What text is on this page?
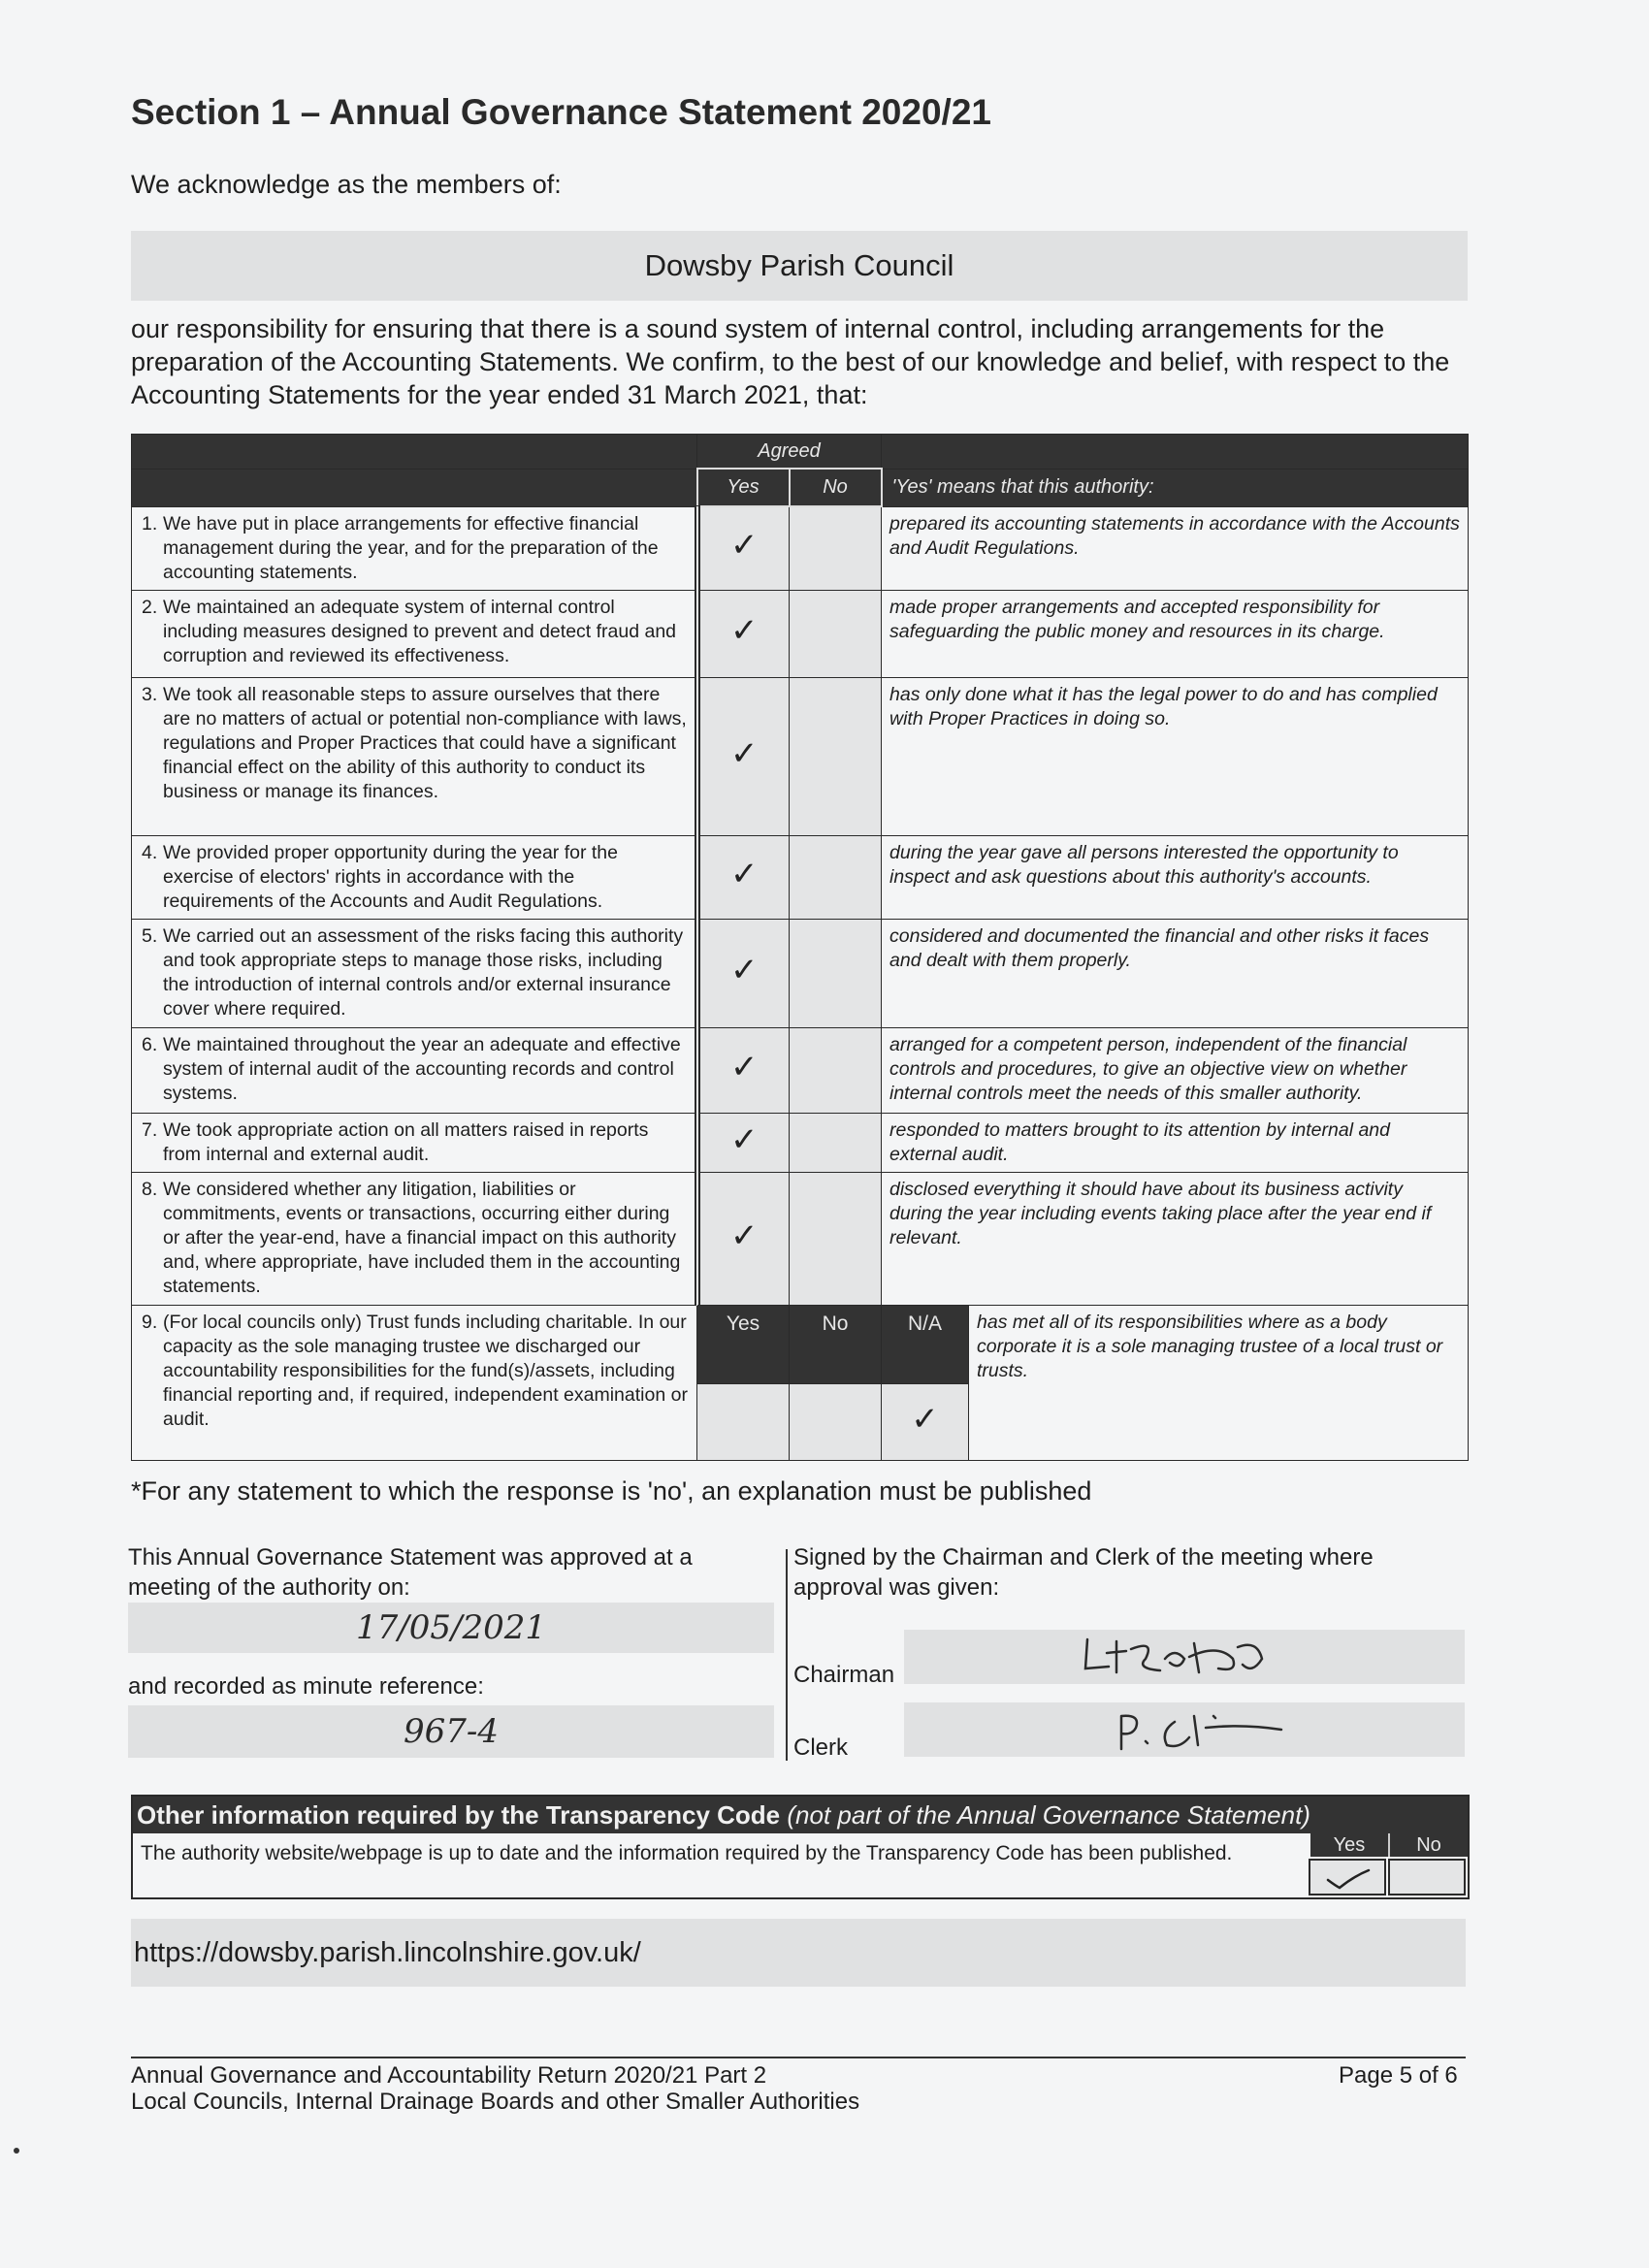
Section 1 – Annual Governance Statement 2020/21
We acknowledge as the members of:
Dowsby Parish Council
our responsibility for ensuring that there is a sound system of internal control, including arrangements for the preparation of the Accounting Statements. We confirm, to the best of our knowledge and belief, with respect to the Accounting Statements for the year ended 31 March 2021, that:
	Agreed			
	Yes	No	'Yes' means that this authority:	
1. We have put in place arrangements for effective financial management during the year, and for the preparation of the accounting statements.	✓		prepared its accounting statements in accordance with the Accounts and Audit Regulations.	
2. We maintained an adequate system of internal control including measures designed to prevent and detect fraud and corruption and reviewed its effectiveness.	✓		made proper arrangements and accepted responsibility for safeguarding the public money and resources in its charge.	
3. We took all reasonable steps to assure ourselves that there are no matters of actual or potential non-compliance with laws, regulations and Proper Practices that could have a significant financial effect on the ability of this authority to conduct its business or manage its finances.	✓		has only done what it has the legal power to do and has complied with Proper Practices in doing so.	
4. We provided proper opportunity during the year for the exercise of electors' rights in accordance with the requirements of the Accounts and Audit Regulations.	✓		during the year gave all persons interested the opportunity to inspect and ask questions about this authority's accounts.	
5. We carried out an assessment of the risks facing this authority and took appropriate steps to manage those risks, including the introduction of internal controls and/or external insurance cover where required.	✓		considered and documented the financial and other risks it faces and dealt with them properly.	
6. We maintained throughout the year an adequate and effective system of internal audit of the accounting records and control systems.	✓		arranged for a competent person, independent of the financial controls and procedures, to give an objective view on whether internal controls meet the needs of this smaller authority.	
7. We took appropriate action on all matters raised in reports from internal and external audit.	✓		responded to matters brought to its attention by internal and external audit.	
8. We considered whether any litigation, liabilities or commitments, events or transactions, occurring either during or after the year-end, have a financial impact on this authority and, where appropriate, have included them in the accounting statements.	✓		disclosed everything it should have about its business activity during the year including events taking place after the year end if relevant.	
9. (For local councils only) Trust funds including charitable. In our capacity as the sole managing trustee we discharged our accountability responsibilities for the fund(s)/assets, including financial reporting and, if required, independent examination or audit.	Yes	No	N/A	has met all of its responsibilities where as a body corporate it is a sole managing trustee of a local trust or trusts.
			✓	
*For any statement to which the response is 'no', an explanation must be published
This Annual Governance Statement was approved at a meeting of the authority on:
17/05/2021
and recorded as minute reference:
967-4
Signed by the Chairman and Clerk of the meeting where approval was given:
Chairman
Clerk
Other information required by the Transparency Code (not part of the Annual Governance Statement)
The authority website/webpage is up to date and the information required by the Transparency Code has been published.	Yes	No
https://dowsby.parish.lincolnshire.gov.uk/
Annual Governance and Accountability Return 2020/21 Part 2
Local Councils, Internal Drainage Boards and other Smaller Authorities
Page 5 of 6
